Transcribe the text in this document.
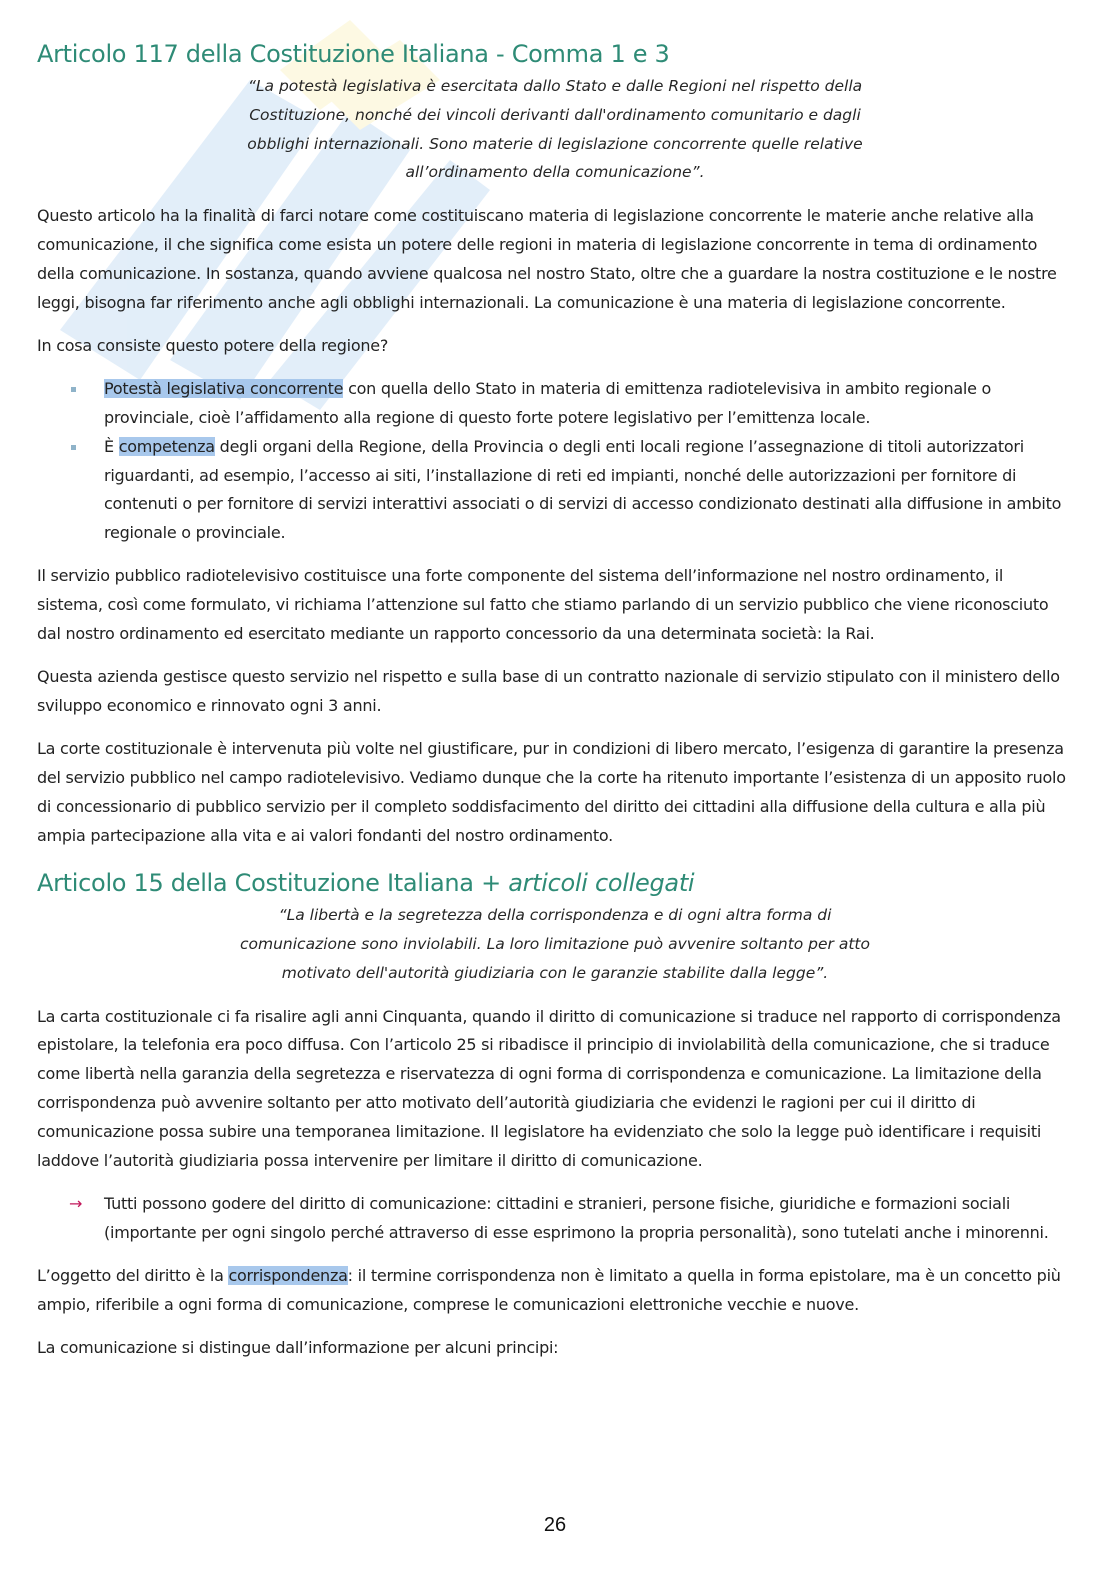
Articolo 117 della Costituzione Italiana - Comma 1 e 3
“La potestà legislativa è esercitata dallo Stato e dalle Regioni nel rispetto della
Costituzione, nonché dei vincoli derivanti dall'ordinamento comunitario e dagli
obblighi internazionali. Sono materie di legislazione concorrente quelle relative
all’ordinamento della comunicazione”.

Questo articolo ha la finalità di farci notare come costituiscano materia di legislazione concorrente le materie anche relative alla comunicazione, il che significa come esista un potere delle regioni in materia di legislazione concorrente in tema di ordinamento della comunicazione. In sostanza, quando avviene qualcosa nel nostro Stato, oltre che a guardare la nostra costituzione e le nostre leggi, bisogna far riferimento anche agli obblighi internazionali. La comunicazione è una materia di legislazione concorrente.

In cosa consiste questo potere della regione?

Potestà legislativa concorrente con quella dello Stato in materia di emittenza radiotelevisiva in ambito regionale o provinciale, cioè l’affidamento alla regione di questo forte potere legislativo per l’emittenza locale.
È competenza degli organi della Regione, della Provincia o degli enti locali regione l’assegnazione di titoli autorizzatori riguardanti, ad esempio, l’accesso ai siti, l’installazione di reti ed impianti, nonché delle autorizzazioni per fornitore di contenuti o per fornitore di servizi interattivi associati o di servizi di accesso condizionato destinati alla diffusione in ambito regionale o provinciale.

Il servizio pubblico radiotelevisivo costituisce una forte componente del sistema dell’informazione nel nostro ordinamento, il sistema, così come formulato, vi richiama l’attenzione sul fatto che stiamo parlando di un servizio pubblico che viene riconosciuto dal nostro ordinamento ed esercitato mediante un rapporto concessorio da una determinata società: la Rai.

Questa azienda gestisce questo servizio nel rispetto e sulla base di un contratto nazionale di servizio stipulato con il ministero dello sviluppo economico e rinnovato ogni 3 anni.

La corte costituzionale è intervenuta più volte nel giustificare, pur in condizioni di libero mercato, l’esigenza di garantire la presenza del servizio pubblico nel campo radiotelevisivo. Vediamo dunque che la corte ha ritenuto importante l’esistenza di un apposito ruolo di concessionario di pubblico servizio per il completo soddisfacimento del diritto dei cittadini alla diffusione della cultura e alla più ampia partecipazione alla vita e ai valori fondanti del nostro ordinamento.

Articolo 15 della Costituzione Italiana + articoli collegati
“La libertà e la segretezza della corrispondenza e di ogni altra forma di
comunicazione sono inviolabili. La loro limitazione può avvenire soltanto per atto
motivato dell'autorità giudiziaria con le garanzie stabilite dalla legge”.

La carta costituzionale ci fa risalire agli anni Cinquanta, quando il diritto di comunicazione si traduce nel rapporto di corrispondenza epistolare, la telefonia era poco diffusa. Con l’articolo 25 si ribadisce il principio di inviolabilità della comunicazione, che si traduce come libertà nella garanzia della segretezza e riservatezza di ogni forma di corrispondenza e comunicazione. La limitazione della corrispondenza può avvenire soltanto per atto motivato dell’autorità giudiziaria che evidenzi le ragioni per cui il diritto di comunicazione possa subire una temporanea limitazione. Il legislatore ha evidenziato che solo la legge può identificare i requisiti laddove l’autorità giudiziaria possa intervenire per limitare il diritto di comunicazione.

→ Tutti possono godere del diritto di comunicazione: cittadini e stranieri, persone fisiche, giuridiche e formazioni sociali (importante per ogni singolo perché attraverso di esse esprimono la propria personalità), sono tutelati anche i minorenni.

L’oggetto del diritto è la corrispondenza: il termine corrispondenza non è limitato a quella in forma epistolare, ma è un concetto più ampio, riferibile a ogni forma di comunicazione, comprese le comunicazioni elettroniche vecchie e nuove.

La comunicazione si distingue dall’informazione per alcuni principi:

26
